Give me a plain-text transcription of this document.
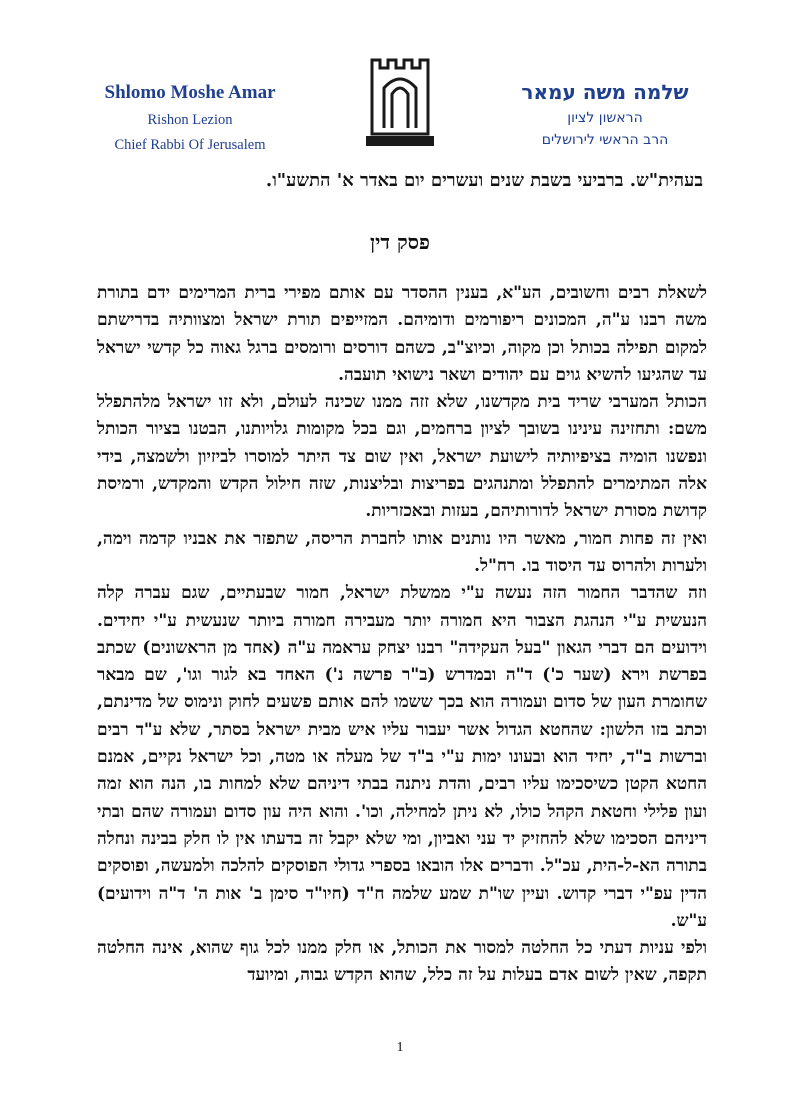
Shlomo Moshe Amar
Rishon Lezion
Chief Rabbi Of Jerusalem
שלמה משה עמאר
הראשון לציון
הרב הראשי לירושלים
בעהית"ש. ברביעי בשבת שנים ועשרים יום באדר א' התשע"ו.
פסק דין

לשאלת רבים וחשובים, הע"א, בענין ההסדר עם אותם מפירי ברית המרימים ידם בתורת משה רבנו ע"ה, המכונים ריפורמים ודומיהם. המזייפים תורת ישראל ומצוותיה בדרישתם למקום תפילה בכותל וכן מקוה, וכיוצ"ב, כשהם דורסים ורומסים ברגל גאוה כל קדשי ישראל עד שהגיעו להשיא גוים עם יהודים ושאר נישואי תועבה.

הכותל המערבי שריד בית מקדשנו, שלא זזה ממנו שכינה לעולם, ולא זזו ישראל מלהתפלל משם: ותחזינה עינינו בשובך לציון ברחמים, וגם בכל מקומות גלויותנו, הבטנו בציור הכותל ונפשנו הומיה בציפיותיה לישועת ישראל, ואין שום צד היתר למוסרו לביזיון ולשמצה, בידי אלה המתימרים להתפלל ומתנהגים בפריצות ובליצנות, שזה חילול הקדש והמקדש, ורמיסת קדושת מסורת ישראל לדורותיהם, בעזות ובאכזריות.

ואין זה פחות חמור, מאשר היו נותנים אותו לחברת הריסה, שתפזר את אבניו קדמה וימה, ולערות ולהרוס עד היסוד בו. רח"ל.

וזה שהדבר החמור הזה נעשה ע"י ממשלת ישראל, חמור שבעתיים, שגם עברה קלה הנעשית ע"י הנהגת הצבור היא חמורה יותר מעבירה חמורה ביותר שנעשית ע"י יחידים. וידועים הם דברי הגאון "בעל העקידה" רבנו יצחק עראמה ע"ה (אחד מן הראשונים) שכתב בפרשת וירא (שער כ') ד"ה ובמדרש (ב"ר פרשה נ') האחד בא לגור וגו', שם מבאר שחומרת העון של סדום ועמורה הוא בכך ששמו להם אותם פשעים לחוק ונימוס של מדינתם, וכתב בזו הלשון: שהחטא הגדול אשר יעבור עליו איש מבית ישראל בסתר, שלא ע"ד רבים וברשות ב"ד, יחיד הוא ובעונו ימות ע"י ב"ד של מעלה או מטה, וכל ישראל נקיים, אמנם החטא הקטן כשיסכימו עליו רבים, והדת ניתנה בבתי דיניהם שלא למחות בו, הנה הוא זמה ועון פלילי וחטאת הקהל כולו, לא ניתן למחילה, וכו'. והוא היה עון סדום ועמורה שהם ובתי דיניהם הסכימו שלא להחזיק יד עני ואביון, ומי שלא יקבל זה בדעתו אין לו חלק בבינה ונחלה בתורה הא-ל-הית, עכ"ל. ודברים אלו הובאו בספרי גדולי הפוסקים להלכה ולמעשה, ופוסקים הדין עפ"י דברי קדוש. ועיין שו"ת שמע שלמה ח"ד (חיו"ד סימן ב' אות ה' ד"ה וידועים) ע"ש.

ולפי עניות דעתי כל החלטה למסור את הכותל, או חלק ממנו לכל גוף שהוא, אינה החלטה תקפה, שאין לשום אדם בעלות על זה כלל, שהוא הקדש גבוה, ומיועד

1
